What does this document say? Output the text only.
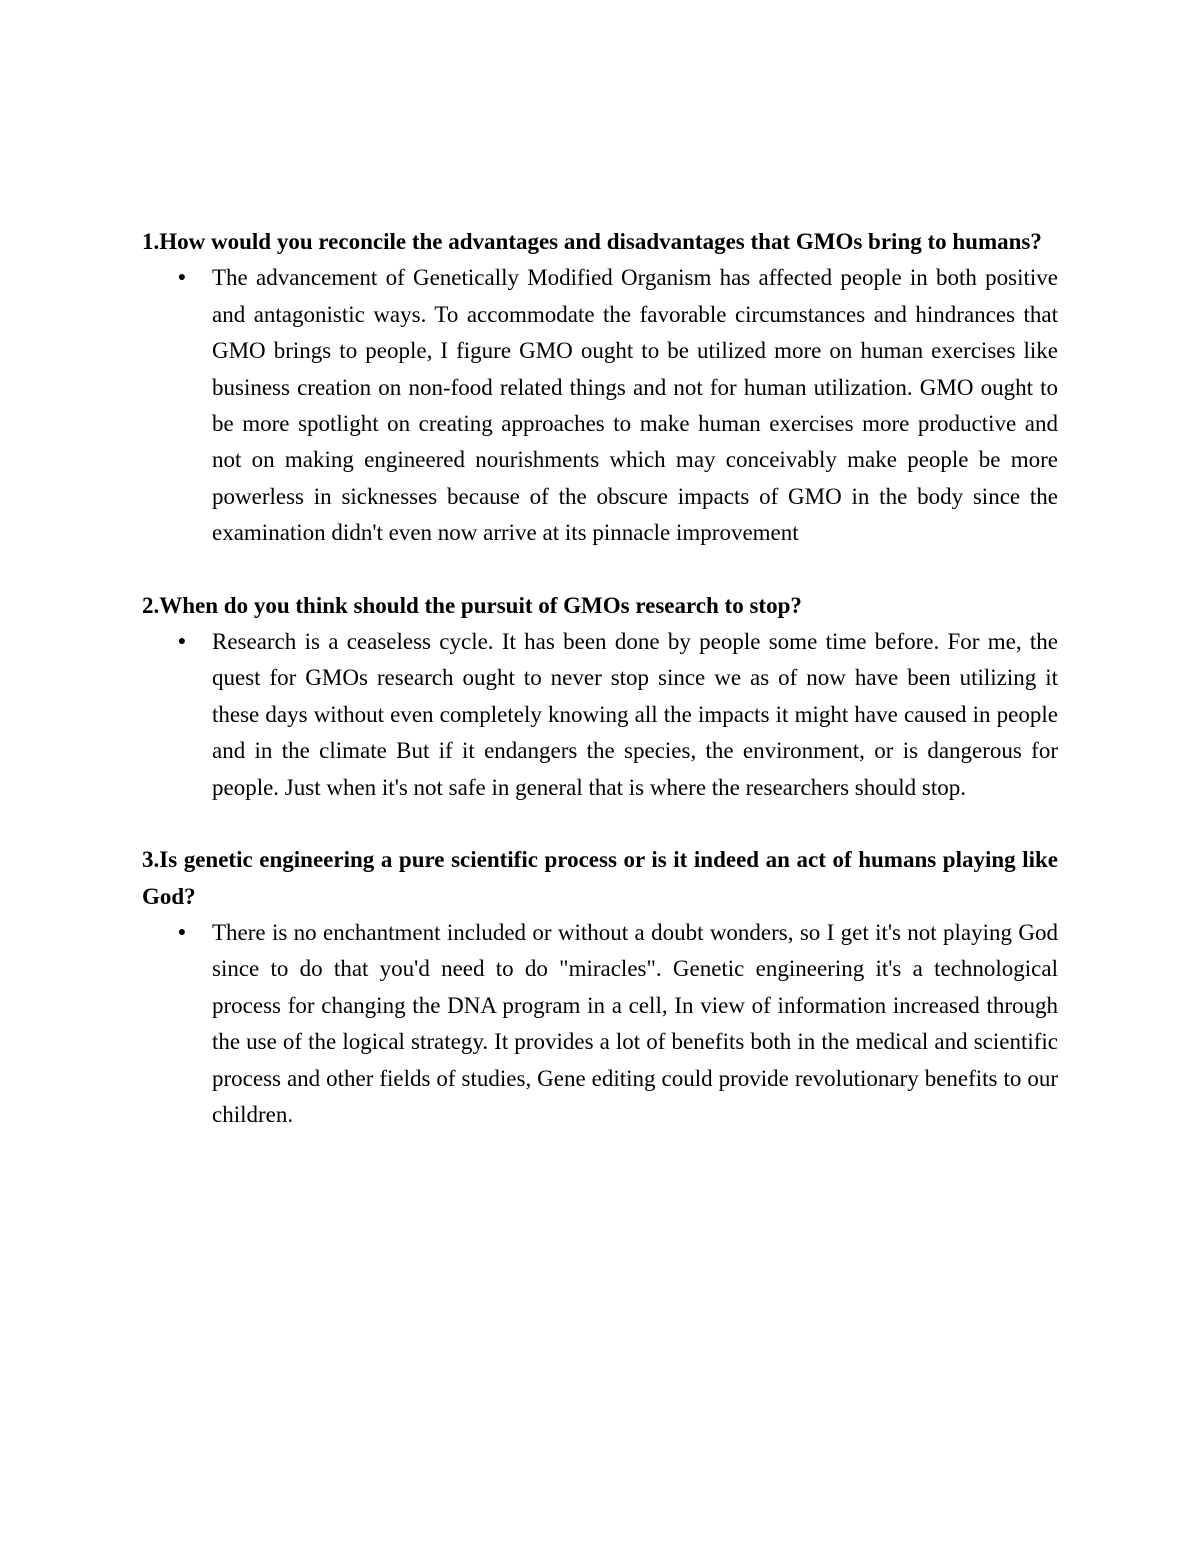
1.How would you reconcile the advantages and disadvantages that GMOs bring to humans?

● The advancement of Genetically Modified Organism has affected people in both positive and antagonistic ways. To accommodate the favorable circumstances and hindrances that GMO brings to people, I figure GMO ought to be utilized more on human exercises like business creation on non-food related things and not for human utilization. GMO ought to be more spotlight on creating approaches to make human exercises more productive and not on making engineered nourishments which may conceivably make people be more powerless in sicknesses because of the obscure impacts of GMO in the body since the examination didn't even now arrive at its pinnacle improvement

2.When do you think should the pursuit of GMOs research to stop?

● Research is a ceaseless cycle. It has been done by people some time before. For me, the quest for GMOs research ought to never stop since we as of now have been utilizing it these days without even completely knowing all the impacts it might have caused in people and in the climate But if it endangers the species, the environment, or is dangerous for people. Just when it's not safe in general that is where the researchers should stop.

3.Is genetic engineering a pure scientific process or is it indeed an act of humans playing like God?

● There is no enchantment included or without a doubt wonders, so I get it's not playing God since to do that you'd need to do "miracles". Genetic engineering it's a technological process for changing the DNA program in a cell, In view of information increased through the use of the logical strategy. It provides a lot of benefits both in the medical and scientific process and other fields of studies, Gene editing could provide revolutionary benefits to our children.
